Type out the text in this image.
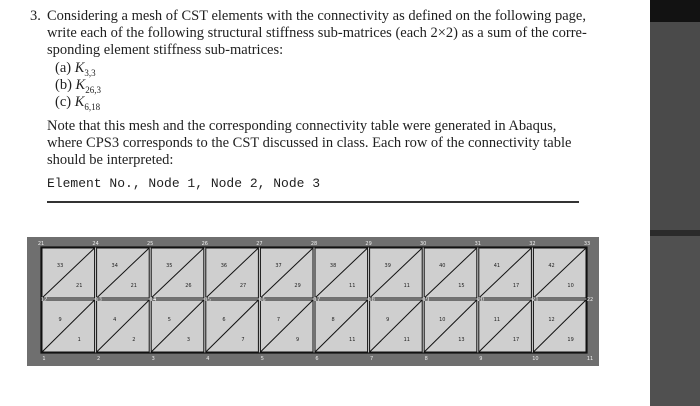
3. Considering a mesh of CST elements with the connectivity as defined on the following page,
write each of the following structural stiffness sub-matrices (each 2×2) as a sum of the corre-
sponding element stiffness sub-matrices:
(a) $K_{3,3}$
(b) $K_{26,3}$
(c) $K_{6,18}$
Note that this mesh and the corresponding connectivity table were generated in Abaqus,
where CPS3 corresponds to the CST discussed in class. Each row of the connectivity table
should be interpreted:
Element No., Node 1, Node 2, Node 3
21	24	25	26	27	28	29	30	31	32	33
12	13	14	15	16	17	18	19	20	21	22
1	2	3	4	5	6	7	8	9	10	11
33	34	35	36	37	38	39	40	41	42
21	21	26	27	29	11	11	15	17	10
9	4	5	6	7	8	9	10	11	12
1	2	3	7	9	11	11	13	17	19
